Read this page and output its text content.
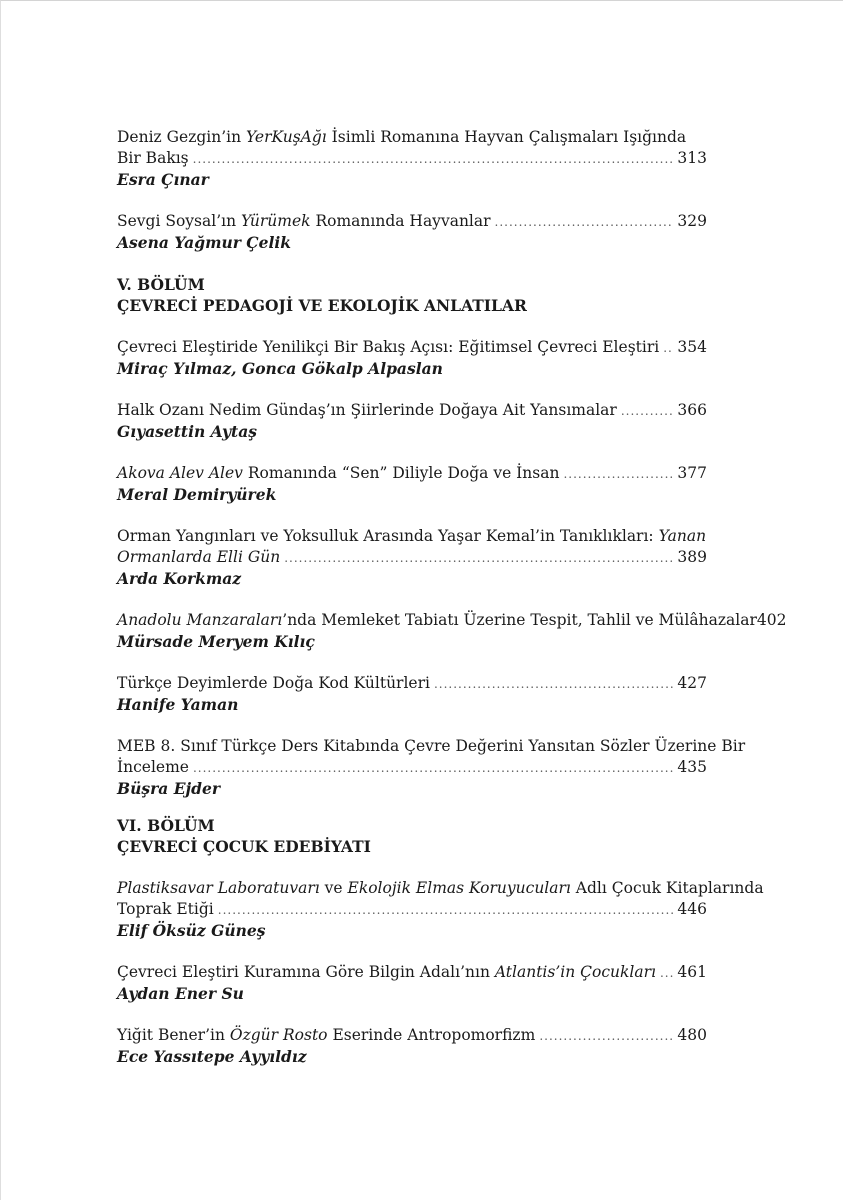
Deniz Gezgin’in YerKuşAğı İsimli Romanına Hayvan Çalışmaları Işığında
Bir Bakış .....	313
Esra Çınar
Sevgi Soysal’ın Yürümek Romanında Hayvanlar .....	329
Asena Yağmur Çelik
V. BÖLÜM
ÇEVRECİ PEDAGOJİ VE EKOLOJİK ANLATILAR
Çevreci Eleştiride Yenilikçi Bir Bakış Açısı: Eğitimsel Çevreci Eleştiri ..... 354
Miraç Yılmaz, Gonca Gökalp Alpaslan
Halk Ozanı Nedim Gündaş’ın Şiirlerinde Doğaya Ait Yansımalar .....	366
Gıyasettin Aytaş
Akova Alev Alev Romanında “Sen” Diliyle Doğa ve İnsan .....	377
Meral Demiryürek
Orman Yangınları ve Yoksulluk Arasında Yaşar Kemal’in Tanıklıkları: Yanan
Ormanlarda Elli Gün .....	389
Arda Korkmaz
Anadolu Manzaraları’nda Memleket Tabiatı Üzerine Tespit, Tahlil ve Mülâhazalar 402
Mürsade Meryem Kılıç
Türkçe Deyimlerde Doğa Kod Kültürleri .....	427
Hanife Yaman
MEB 8. Sınıf Türkçe Ders Kitabında Çevre Değerini Yansıtan Sözler Üzerine Bir
İnceleme .....	435
Büşra Ejder
VI. BÖLÜM
ÇEVRECİ ÇOCUK EDEBİYATI
Plastiksavar Laboratuvarı ve Ekolojik Elmas Koruyucuları Adlı Çocuk Kitaplarında
Toprak Etiği .....	446
Elif Öksüz Güneş
Çevreci Eleştiri Kuramına Göre Bilgin Adalı’nın Atlantis’in Çocukları ..... 461
Aydan Ener Su
Yiğit Bener’in Özgür Rosto Eserinde Antropomorfizm .....	480
Ece Yassıtepe Ayyıldız
